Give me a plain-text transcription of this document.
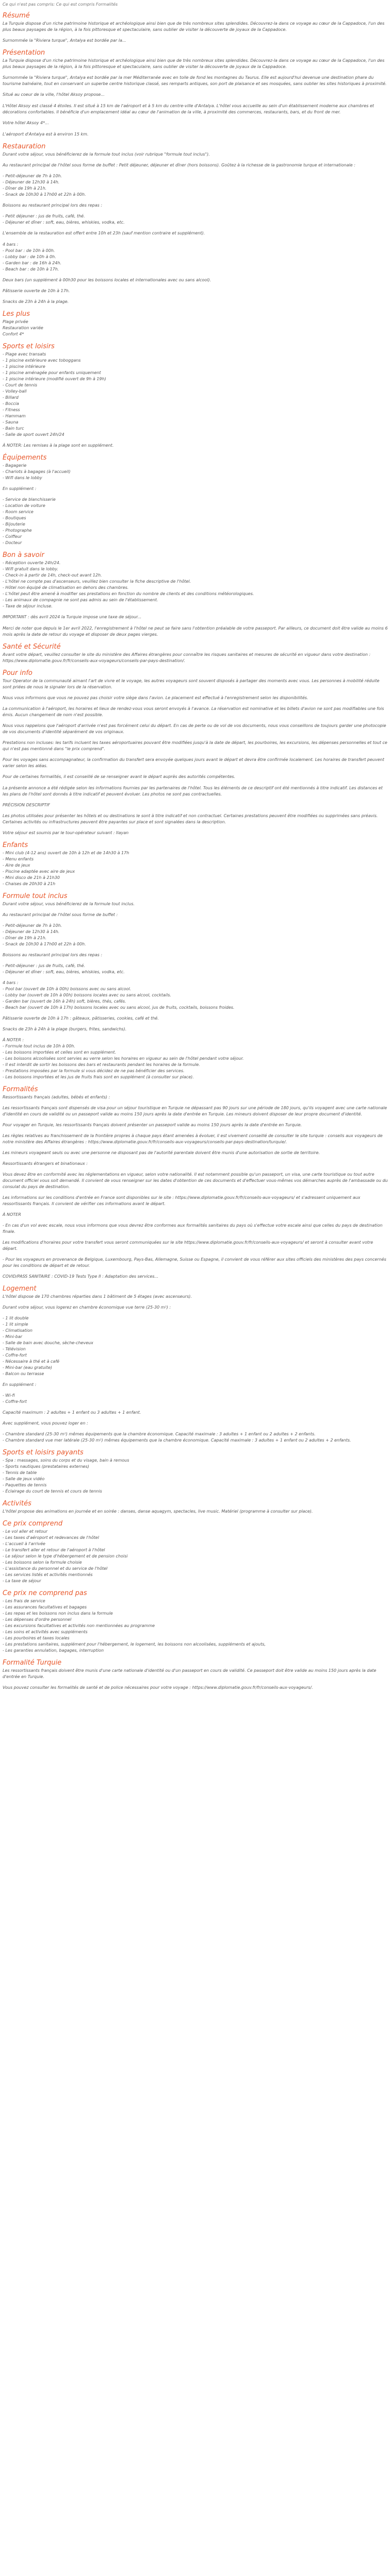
Ce qui n'est pas compris: Ce qui est compris Formalités
Résumé

La Turquie dispose d'un riche patrimoine historique et archéologique ainsi bien que de très nombreux sites splendides. Découvrez-la dans ce voyage au cœur de la Cappadoce, l'un des plus beaux paysages de la région, à la fois pittoresque et spectaculaire, sans oublier de visiter la découverte de joyaux de la Cappadoce.

Surnommée la "Riviera turque", Antalya est bordée par la...

Présentation

La Turquie dispose d'un riche patrimoine historique et archéologique ainsi bien que de très nombreux sites splendides. Découvrez-la dans ce voyage au cœur de la Cappadoce, l'un des plus beaux paysages de la région, à la fois pittoresque et spectaculaire, sans oublier de visiter la découverte de joyaux de la Cappadoce.

Surnommée la "Riviera turque", Antalya est bordée par la mer Méditerranée avec en toile de fond les montagnes du Taurus. Elle est aujourd'hui devenue une destination phare du tourisme balnéaire, tout en conservant un superbe centre historique classé, ses remparts antiques, son port de plaisance et ses mosquées, sans oublier les sites historiques à proximité.

Situé au coeur de la ville, l'hôtel Aksoy propose...

L'Hôtel Aksoy est classé 4 étoiles. Il est situé à 15 km de l'aéroport et à 5 km du centre-ville d'Antalya. L'hôtel vous accueille au sein d'un établissement moderne aux chambres et décorations confortables. Il bénéficie d'un emplacement idéal au cœur de l'animation de la ville, à proximité des commerces, restaurants, bars, et du front de mer.

Votre hôtel Aksoy 4*...

L'aéroport d'Antalya est à environ 15 km.

Restauration

Durant votre séjour, vous bénéficierez de la formule tout inclus (voir rubrique "formule tout inclus").

Au restaurant principal de l'hôtel sous forme de buffet : Petit déjeuner, déjeuner et dîner (hors boissons). Goûtez à la richesse de la gastronomie turque et internationale :

- Petit-déjeuner de 7h à 10h.
- Déjeuner de 12h30 à 14h.
- Dîner de 19h à 21h.
- Snack de 10h30 à 17h00 et 22h à 00h.

Boissons au restaurant principal lors des repas :

- Petit déjeuner : jus de fruits, café, thé.
- Déjeuner et dîner : soft, eau, bières, whiskies, vodka, etc.

L'ensemble de la restauration est offert entre 10h et 23h (sauf mention contraire et supplément).

4 bars :
- Pool bar : de 10h à 00h.
- Lobby bar : de 10h à 0h.
- Garden bar : de 16h à 24h.
- Beach bar : de 10h à 17h.

Deux bars (un supplément à 00h30 pour les boissons locales et internationales avec ou sans alcool).

Pâtisserie ouverte de 10h à 17h.

Snacks de 23h à 24h à la plage.

Les plus
Plage privée
Restauration variée
Confort 4*
Sports et loisirs
- Plage avec transats
- 1 piscine extérieure avec toboggans
- 1 piscine intérieure
- 1 piscine aménagée pour enfants uniquement
- 1 piscine intérieure (modifié ouvert de 9h à 19h)
- Court de tennis
- Volley-ball
- Billard
- Boccia
- Fitness
- Hammam
- Sauna
- Bain turc
- Salle de sport ouvert 24h/24

À NOTER: Les remises à la plage sont en supplément.

Équipements
- Bagagerie
- Chariots à bagages (à l'accueil)
- Wifi dans le lobby

En supplément :

- Service de blanchisserie
- Location de voiture
- Room service
- Boutiques
- Bijouterie
- Photographe
- Coiffeur
- Docteur
Bon à savoir
- Réception ouverte 24h/24.
- Wifi gratuit dans le lobby.
- Check-in à partir de 14h, check-out avant 12h.
- L'hôtel ne compte pas d'ascenseurs, veuillez bien consulter la fiche descriptive de l'hôtel.
- Hôtel non équipé de climatisation en dehors des chambres.
- L'hôtel peut être amené à modifier ses prestations en fonction du nombre de clients et des conditions météorologiques.
- Les animaux de compagnie ne sont pas admis au sein de l'établissement.
- Taxe de séjour incluse.

IMPORTANT : dès avril 2024 la Turquie impose une taxe de séjour...

Merci de noter que depuis le 1er avril 2022, l'enregistrement à l'hôtel ne peut se faire sans l'obtention préalable de votre passeport. Par ailleurs, ce document doit être valide au moins 6 mois après la date de retour du voyage et disposer de deux pages vierges.

Santé et Sécurité

Avant votre départ, veuillez consulter le site du ministère des Affaires étrangères pour connaître les risques sanitaires et mesures de sécurité en vigueur dans votre destination : https://www.diplomatie.gouv.fr/fr/conseils-aux-voyageurs/conseils-par-pays-destination/.

Pour info

Tour Operator de la communauté aimant l'art de vivre et le voyage, les autres voyageurs sont souvent disposés à partager des moments avec vous. Les personnes à mobilité réduite sont priées de nous le signaler lors de la réservation.

Nous vous informons que vous ne pouvez pas choisir votre siège dans l'avion. Le placement est effectué à l'enregistrement selon les disponibilités.

La communication à l'aéroport, les horaires et lieux de rendez-vous vous seront envoyés à l'avance. La réservation est nominative et les billets d'avion ne sont pas modifiables une fois émis. Aucun changement de nom n'est possible.

Nous vous rappelons que l'aéroport d'arrivée n'est pas forcément celui du départ. En cas de perte ou de vol de vos documents, nous vous conseillons de toujours garder une photocopie de vos documents d'identité séparément de vos originaux.

Prestations non incluses: les tarifs incluent les taxes aéroportuaires pouvant être modifiées jusqu'à la date de départ, les pourboires, les excursions, les dépenses personnelles et tout ce qui n'est pas mentionné dans "le prix comprend".

Pour les voyages sans accompagnateur, la confirmation du transfert sera envoyée quelques jours avant le départ et devra être confirmée localement. Les horaires de transfert peuvent varier selon les aléas.

Pour de certaines formalités, il est conseillé de se renseigner avant le départ auprès des autorités compétentes.

La présente annonce a été rédigée selon les informations fournies par les partenaires de l'hôtel. Tous les éléments de ce descriptif ont été mentionnés à titre indicatif. Les distances et les plans de l'hôtel sont donnés à titre indicatif et peuvent évoluer. Les photos ne sont pas contractuelles.

PRÉCISION DESCRIPTIF

Les photos utilisées pour présenter les hôtels et ou destinations le sont à titre indicatif et non contractuel. Certaines prestations peuvent être modifiées ou supprimées sans préavis. Certaines activités ou infrastructures peuvent être payantes sur place et sont signalées dans la description.

Votre séjour est soumis par le tour-opérateur suivant : Ilayan

Enfants
- Mini club (4-12 ans) ouvert de 10h à 12h et de 14h30 à 17h
- Menu enfants
- Aire de jeux
- Piscine adaptée avec aire de jeux
- Mini disco de 21h à 21h30
- Chaises de 20h30 à 21h
Formule tout inclus

Durant votre séjour, vous bénéficierez de la formule tout inclus.

Au restaurant principal de l'hôtel sous forme de buffet :

- Petit-déjeuner de 7h à 10h.
- Déjeuner de 12h30 à 14h.
- Dîner de 19h à 21h.
- Snack de 10h30 à 17h00 et 22h à 00h.

Boissons au restaurant principal lors des repas :

- Petit-déjeuner : jus de fruits, café, thé.
- Déjeuner et dîner : soft, eau, bières, whiskies, vodka, etc.
4 bars :
- Pool bar (ouvert de 10h à 00h) boissons avec ou sans alcool.
- Lobby bar (ouvert de 10h à 00h) boissons locales avec ou sans alcool, cocktails.
- Garden bar (ouvert de 16h à 24h) soft, bières, thés, cafés.
- Beach bar (ouvert de 10h à 17h) boissons locales avec ou sans alcool, jus de fruits, cocktails, boissons froides.

Pâtisserie ouverte de 10h à 17h : gâteaux, pâtisseries, cookies, café et thé.

Snacks de 23h à 24h à la plage (burgers, frites, sandwichs).

À NOTER :
- Formule tout inclus de 10h à 00h.
- Les boissons importées et celles sont en supplément.
- Les boissons alcoolisées sont servies au verre selon les horaires en vigueur au sein de l'hôtel pendant votre séjour.
- Il est interdit de sortir les boissons des bars et restaurants pendant les horaires de la formule.
- Prestations imposées par la formule si vous décidez de ne pas bénéficier des services.
- Les boissons importées et les jus de fruits frais sont en supplément (à consulter sur place).
Formalités

Ressortissants français (adultes, bébés et enfants) :

Les ressortissants français sont dispensés de visa pour un séjour touristique en Turquie ne dépassant pas 90 jours sur une période de 180 jours, qu'ils voyagent avec une carte nationale d'identité en cours de validité ou un passeport valide au moins 150 jours après la date d'entrée en Turquie. Les mineurs doivent disposer de leur propre document d'identité.

Pour voyager en Turquie, les ressortissants français doivent présenter un passeport valide au moins 150 jours après la date d'entrée en Turquie.

Les règles relatives au franchissement de la frontière propres à chaque pays étant amenées à évoluer, il est vivement conseillé de consulter le site turquie : conseils aux voyageurs de notre ministère des Affaires étrangères : https://www.diplomatie.gouv.fr/fr/conseils-aux-voyageurs/conseils-par-pays-destination/turquie/.

Les mineurs voyageant seuls ou avec une personne ne disposant pas de l'autorité parentale doivent être munis d'une autorisation de sortie de territoire.

Ressortissants étrangers et binationaux :

Vous devez être en conformité avec les réglementations en vigueur, selon votre nationalité. Il est notamment possible qu'un passeport, un visa, une carte touristique ou tout autre document officiel vous soit demandé. Il convient de vous renseigner sur les dates d'obtention de ces documents et d'effectuer vous-mêmes vos démarches auprès de l'ambassade ou du consulat du pays de destination.

Les informations sur les conditions d'entrée en France sont disponibles sur le site : https://www.diplomatie.gouv.fr/fr/conseils-aux-voyageurs/ et s'adressent uniquement aux ressortissants français. Il convient de vérifier ces informations avant le départ.

À NOTER

- En cas d'un vol avec escale, nous vous informons que vous devrez être conformes aux formalités sanitaires du pays où s'effectue votre escale ainsi que celles du pays de destination finale.

Les modifications d'horaires pour votre transfert vous seront communiquées sur le site https://www.diplomatie.gouv.fr/fr/conseils-aux-voyageurs/ et seront à consulter avant votre départ.

- Pour les voyageurs en provenance de Belgique, Luxembourg, Pays-Bas, Allemagne, Suisse ou Espagne, il convient de vous référer aux sites officiels des ministères des pays concernés pour les conditions de départ et de retour.

COVID/PASS SANITAIRE : COVID-19 Tests Type II : Adaptation des services...

Logement

L'hôtel dispose de 170 chambres réparties dans 1 bâtiment de 5 étages (avec ascenseurs).

Durant votre séjour, vous logerez en chambre économique vue terre (25-30 m²) :

- 1 lit double
- 1 lit simple
- Climatisation
- Mini-bar
- Salle de bain avec douche, sèche-cheveux
- Télévision
- Coffre-fort
- Nécessaire à thé et à café
- Mini-bar (eau gratuite)
- Balcon ou terrasse

En supplément :

- Wi-fi
- Coffre-fort

Capacité maximum : 2 adultes + 1 enfant ou 3 adultes + 1 enfant.

Avec supplément, vous pouvez loger en :

- Chambre standard (25-30 m²) mêmes équipements que la chambre économique. Capacité maximale : 3 adultes + 1 enfant ou 2 adultes + 2 enfants.
- Chambre standard vue mer latérale (25-30 m²) mêmes équipements que la chambre économique. Capacité maximale : 3 adultes + 1 enfant ou 2 adultes + 2 enfants.
Sports et loisirs payants
- Spa : massages, soins du corps et du visage, bain à remous
- Sports nautiques (prestataires externes)
- Tennis de table
- Salle de jeux vidéo
- Paquettes de tennis
- Éclairage du court de tennis et cours de tennis
Activités

L'hôtel propose des animations en journée et en soirée : danses, danse aquagym, spectacles, live music. Matériel (programme à consulter sur place).

Ce prix comprend
- Le vol aller et retour
- Les taxes d'aéroport et redevances de l'hôtel
- L'accueil à l'arrivée
- Le transfert aller et retour de l'aéroport à l'hôtel
- Le séjour selon le type d'hébergement et de pension choisi
- Les boissons selon la formule choisie
- L'assistance du personnel et du service de l'hôtel
- Les services listés et activités mentionnés
- La taxe de séjour
Ce prix ne comprend pas
- Les frais de service
- Les assurances facultatives et bagages
- Les repas et les boissons non inclus dans la formule
- Les dépenses d'ordre personnel
- Les excursions facultatives et activités non mentionnées au programme
- Les soins et activités avec suppléments
- Les pourboires et taxes locales
- Les prestations sanitaires, supplément pour l'hébergement, le logement, les boissons non alcoolisées, suppléments et ajouts,
- Les garanties annulation, bagages, interruption
Formalité Turquie

Les ressortissants français doivent être munis d'une carte nationale d'identité ou d'un passeport en cours de validité. Ce passeport doit être valide au moins 150 jours après la date d'entrée en Turquie.

Vous pouvez consulter les formalités de santé et de police nécessaires pour votre voyage : https://www.diplomatie.gouv.fr/fr/conseils-aux-voyageurs/.
